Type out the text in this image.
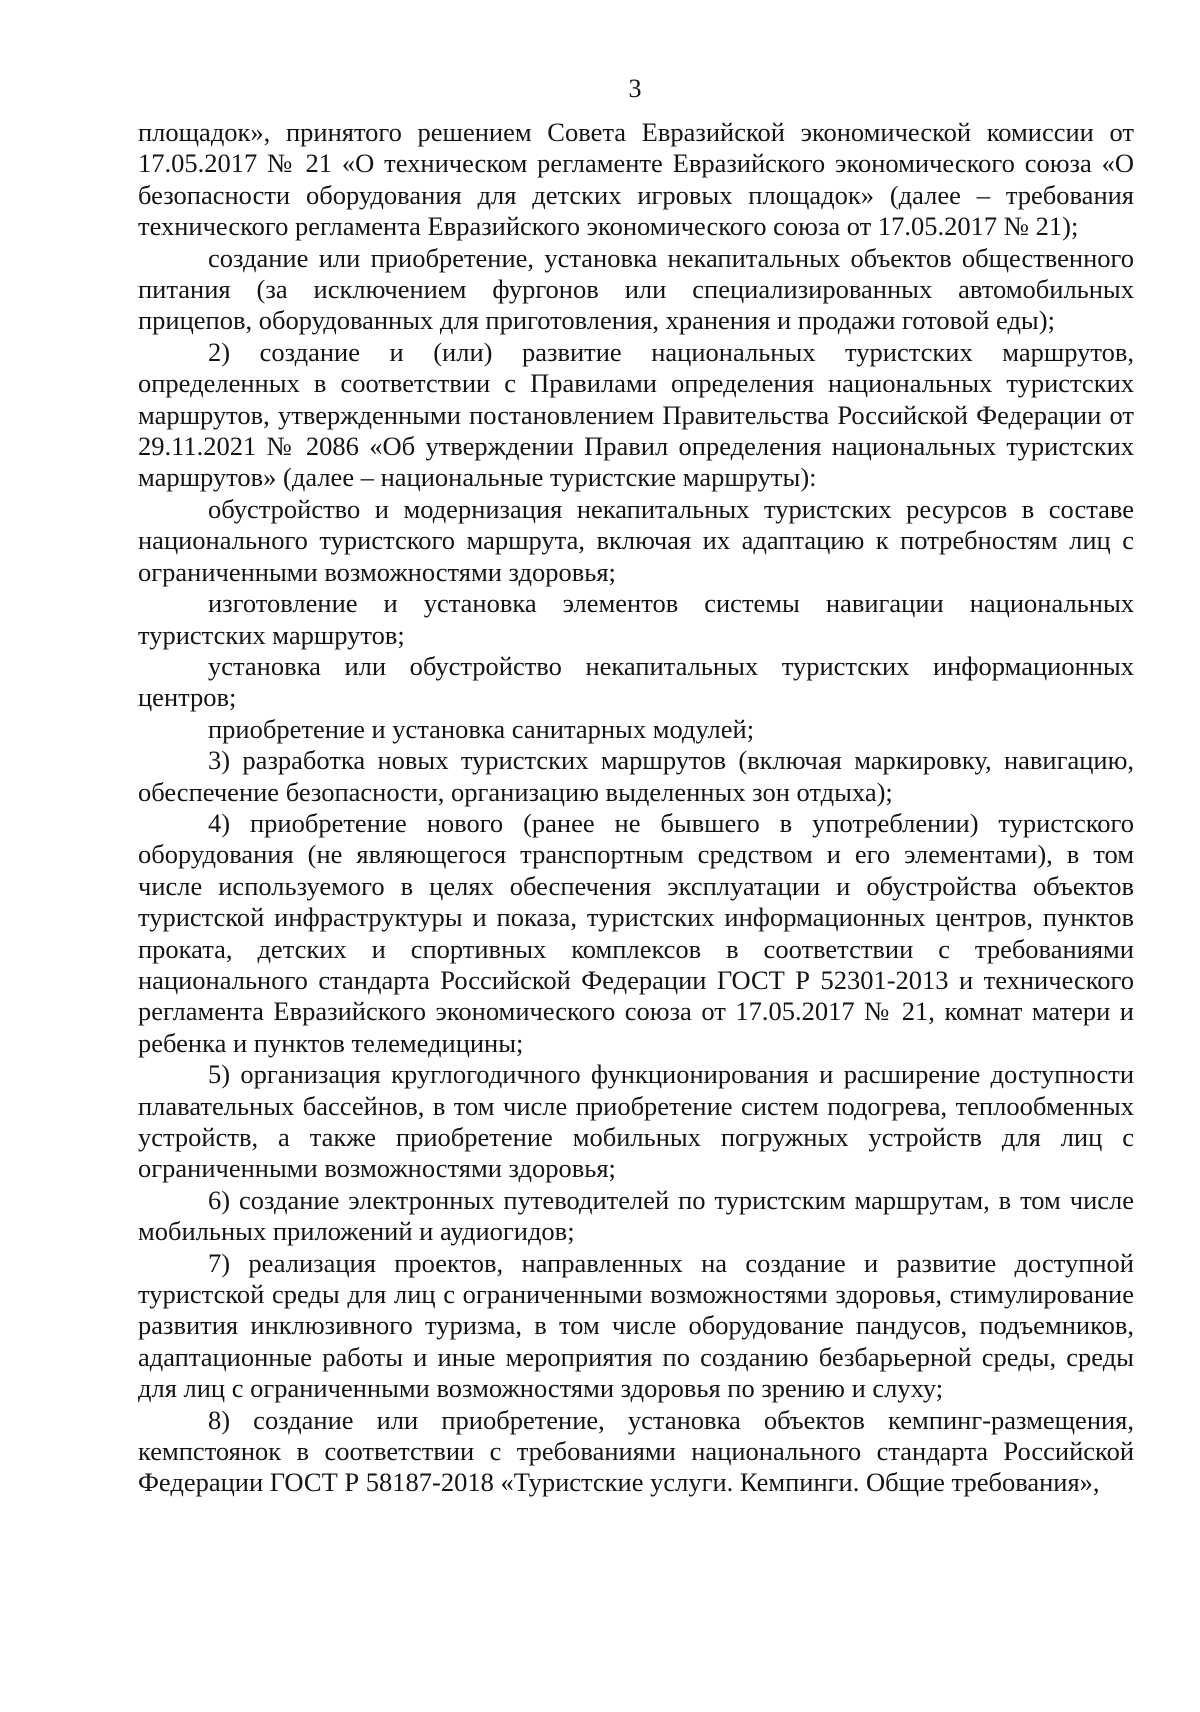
3

площадок», принятого решением Совета Евразийской экономической комиссии от 17.05.2017 № 21 «О техническом регламенте Евразийского экономического союза «О безопасности оборудования для детских игровых площадок» (далее – требования технического регламента Евразийского экономического союза от 17.05.2017 № 21);

создание или приобретение, установка некапитальных объектов общественного питания (за исключением фургонов или специализированных автомобильных прицепов, оборудованных для приготовления, хранения и продажи готовой еды);

2) создание и (или) развитие национальных туристских маршрутов, определенных в соответствии с Правилами определения национальных туристских маршрутов, утвержденными постановлением Правительства Российской Федерации от 29.11.2021 № 2086 «Об утверждении Правил определения национальных туристских маршрутов» (далее – национальные туристские маршруты):

обустройство и модернизация некапитальных туристских ресурсов в составе национального туристского маршрута, включая их адаптацию к потребностям лиц с ограниченными возможностями здоровья;

изготовление и установка элементов системы навигации национальных туристских маршрутов;

установка или обустройство некапитальных туристских информационных центров;

приобретение и установка санитарных модулей;

3) разработка новых туристских маршрутов (включая маркировку, навигацию, обеспечение безопасности, организацию выделенных зон отдыха);

4) приобретение нового (ранее не бывшего в употреблении) туристского оборудования (не являющегося транспортным средством и его элементами), в том числе используемого в целях обеспечения эксплуатации и обустройства объектов туристской инфраструктуры и показа, туристских информационных центров, пунктов проката, детских и спортивных комплексов в соответствии с требованиями национального стандарта Российской Федерации ГОСТ Р 52301-2013 и технического регламента Евразийского экономического союза от 17.05.2017 № 21, комнат матери и ребенка и пунктов телемедицины;

5) организация круглогодичного функционирования и расширение доступности плавательных бассейнов, в том числе приобретение систем подогрева, теплообменных устройств, а также приобретение мобильных погружных устройств для лиц с ограниченными возможностями здоровья;

6) создание электронных путеводителей по туристским маршрутам, в том числе мобильных приложений и аудиогидов;

7) реализация проектов, направленных на создание и развитие доступной туристской среды для лиц с ограниченными возможностями здоровья, стимулирование развития инклюзивного туризма, в том числе оборудование пандусов, подъемников, адаптационные работы и иные мероприятия по созданию безбарьерной среды, среды для лиц с ограниченными возможностями здоровья по зрению и слуху;

8) создание или приобретение, установка объектов кемпинг-размещения, кемпстоянок в соответствии с требованиями национального стандарта Российской Федерации ГОСТ Р 58187-2018 «Туристские услуги. Кемпинги. Общие требования»,
